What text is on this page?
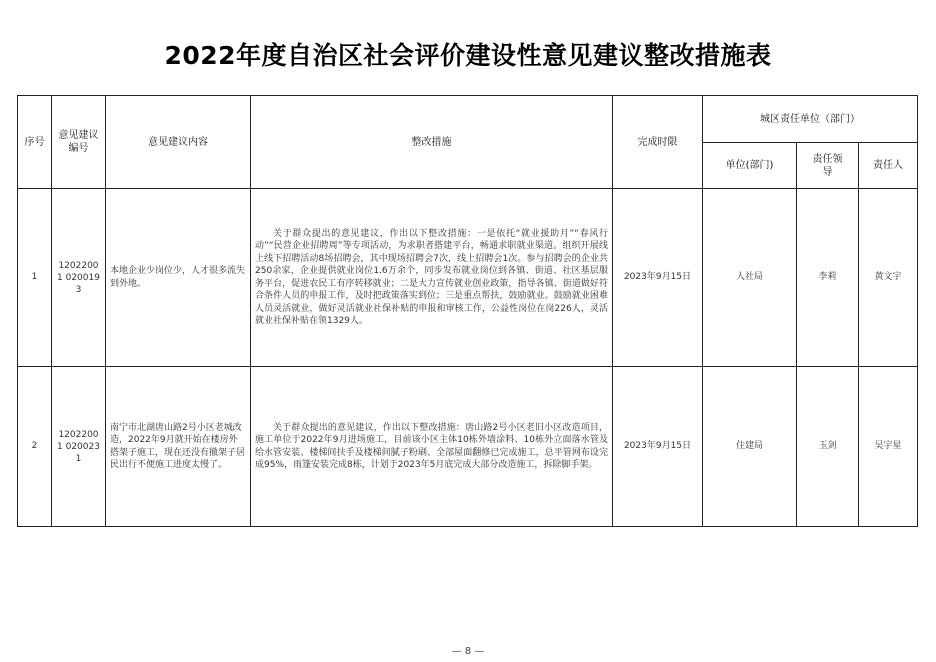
2022年度自治区社会评价建设性意见建议整改措施表
序号	意见建议编号	意见建议内容	整改措施	完成时限	城区责任单位（部门）		
					单位(部门)	责任领导	责任人
1	12022001 0200193	本地企业少岗位少，人才很多流失到外地。	关于群众提出的意见建议，作出以下整改措施：一是依托“就业援助月”“春风行动”“民营企业招聘周”等专项活动，为求职者搭建平台，畅通求职就业渠道。组织开展线上线下招聘活动8场招聘会，其中现场招聘会7次，线上招聘会1次。参与招聘会的企业共250余家，企业提供就业岗位1.6万余个，同步发布就业岗位到各镇、街道、社区基层服务平台，促进农民工有序转移就业；二是大力宣传就业创业政策，指导各镇、街道做好符合条件人员的申报工作，及时把政策落实到位；三是重点帮扶，鼓励就业。鼓励就业困难人员灵活就业，做好灵活就业社保补贴的申报和审核工作，公益性岗位在岗226人，灵活就业社保补贴在领1329人。	2023年9月15日	人社局	李莉	黄文宇
2	12022001 0200231	南宁市北湖唐山路2号小区老城改造，2022年9月就开始在楼房外搭架子施工，现在还没有撤架子居民出行不便施工进度太慢了。	关于群众提出的意见建议，作出以下整改措施：唐山路2号小区老旧小区改造项目，施工单位于2022年9月进场施工，目前该小区主体10栋外墙涂料、10栋外立面落水管及给水管安装、楼梯间扶手及楼梯间腻子粉刷、全部屋面翻修已完成施工，总平管网布设完成95%，雨篷安装完成8栋，计划于2023年5月底完成大部分改造施工，拆除脚手架。	2023年9月15日	住建局	玉剑	吴宇星
— 8 —
